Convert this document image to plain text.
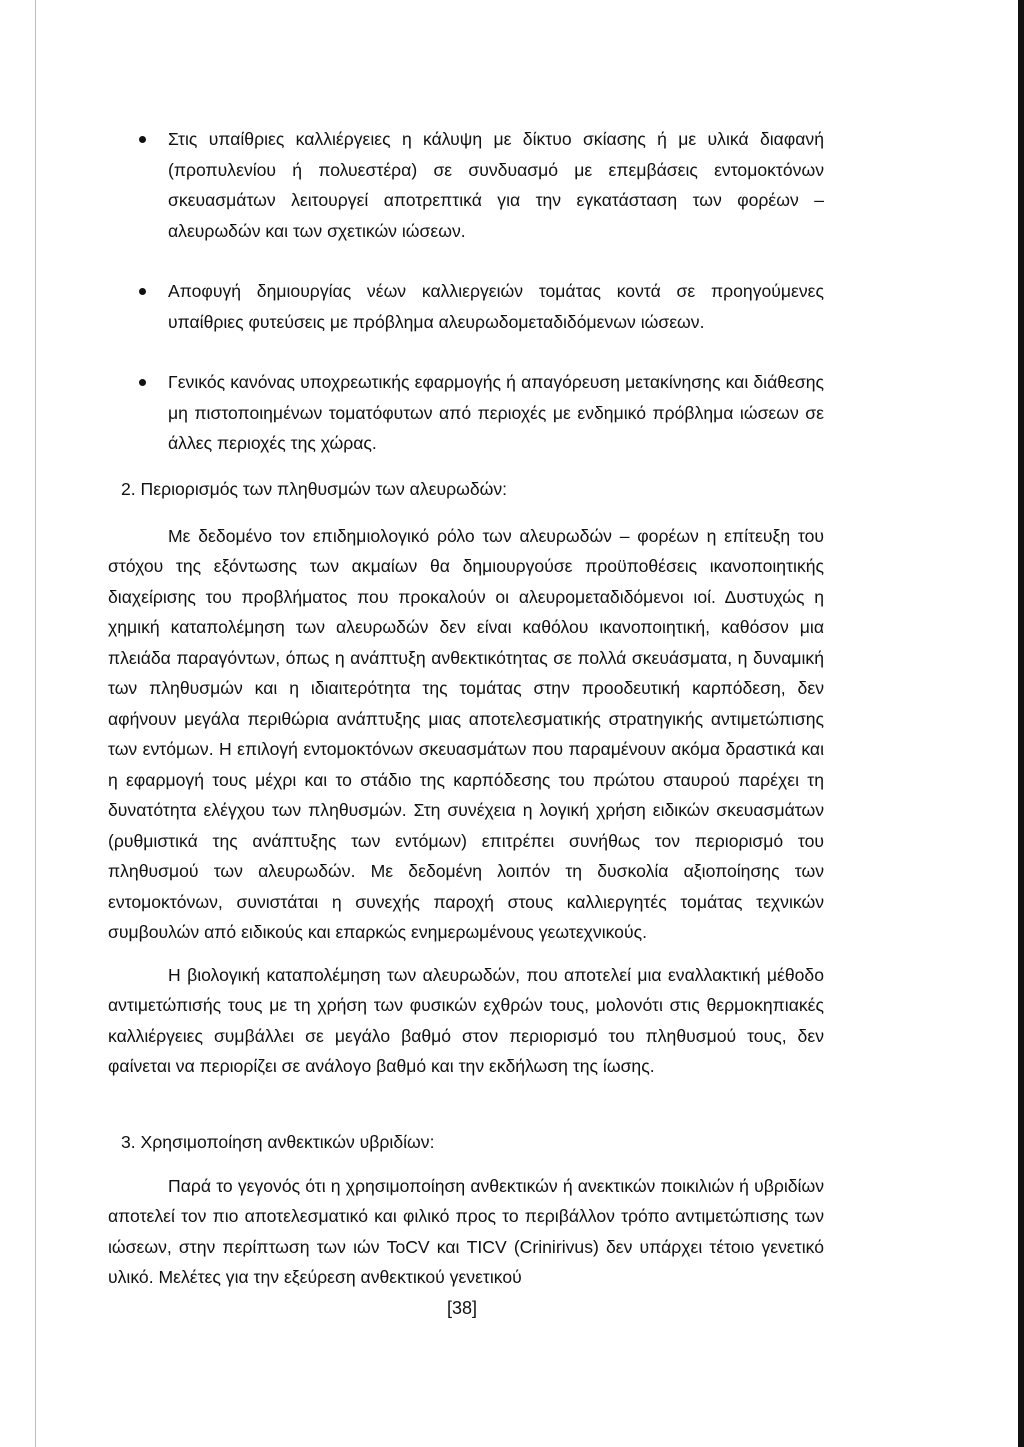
Στις υπαίθριες καλλιέργειες η κάλυψη με δίκτυο σκίασης ή με υλικά διαφανή (προπυλενίου ή πολυεστέρα) σε συνδυασμό με επεμβάσεις εντομοκτόνων σκευασμάτων λειτουργεί αποτρεπτικά για την εγκατάσταση των φορέων – αλευρωδών και των σχετικών ιώσεων.
Αποφυγή δημιουργίας νέων καλλιεργειών τομάτας κοντά σε προηγούμενες υπαίθριες φυτεύσεις με πρόβλημα αλευρωδομεταδιδόμενων ιώσεων.
Γενικός κανόνας υποχρεωτικής εφαρμογής ή απαγόρευση μετακίνησης και διάθεσης μη πιστοποιημένων τοματόφυτων από περιοχές με ενδημικό πρόβλημα ιώσεων σε άλλες περιοχές της χώρας.

2. Περιορισμός των πληθυσμών των αλευρωδών:

Με δεδομένο τον επιδημιολογικό ρόλο των αλευρωδών – φορέων η επίτευξη του στόχου της εξόντωσης των ακμαίων θα δημιουργούσε προϋποθέσεις ικανοποιητικής διαχείρισης του προβλήματος που προκαλούν οι αλευρομεταδιδόμενοι ιοί. Δυστυχώς η χημική καταπολέμηση των αλευρωδών δεν είναι καθόλου ικανοποιητική, καθόσον μια πλειάδα παραγόντων, όπως η ανάπτυξη ανθεκτικότητας σε πολλά σκευάσματα, η δυναμική των πληθυσμών και η ιδιαιτερότητα της τομάτας στην προοδευτική καρπόδεση, δεν αφήνουν μεγάλα περιθώρια ανάπτυξης μιας αποτελεσματικής στρατηγικής αντιμετώπισης των εντόμων. Η επιλογή εντομοκτόνων σκευασμάτων που παραμένουν ακόμα δραστικά και η εφαρμογή τους μέχρι και το στάδιο της καρπόδεσης του πρώτου σταυρού παρέχει τη δυνατότητα ελέγχου των πληθυσμών. Στη συνέχεια η λογική χρήση ειδικών σκευασμάτων (ρυθμιστικά της ανάπτυξης των εντόμων) επιτρέπει συνήθως τον περιορισμό του πληθυσμού των αλευρωδών. Με δεδομένη λοιπόν τη δυσκολία αξιοποίησης των εντομοκτόνων, συνιστάται η συνεχής παροχή στους καλλιεργητές τομάτας τεχνικών συμβουλών από ειδικούς και επαρκώς ενημερωμένους γεωτεχνικούς.

Η βιολογική καταπολέμηση των αλευρωδών, που αποτελεί μια εναλλακτική μέθοδο αντιμετώπισής τους με τη χρήση των φυσικών εχθρών τους, μολονότι στις θερμοκηπιακές καλλιέργειες συμβάλλει σε μεγάλο βαθμό στον περιορισμό του πληθυσμού τους, δεν φαίνεται να περιορίζει σε ανάλογο βαθμό και την εκδήλωση της ίωσης.

3. Χρησιμοποίηση ανθεκτικών υβριδίων:

Παρά το γεγονός ότι η χρησιμοποίηση ανθεκτικών ή ανεκτικών ποικιλιών ή υβριδίων αποτελεί τον πιο αποτελεσματικό και φιλικό προς το περιβάλλον τρόπο αντιμετώπισης των ιώσεων, στην περίπτωση των ιών ToCV και TICV (Crinirivus) δεν υπάρχει τέτοιο γενετικό υλικό. Μελέτες για την εξεύρεση ανθεκτικού γενετικού

[38]
